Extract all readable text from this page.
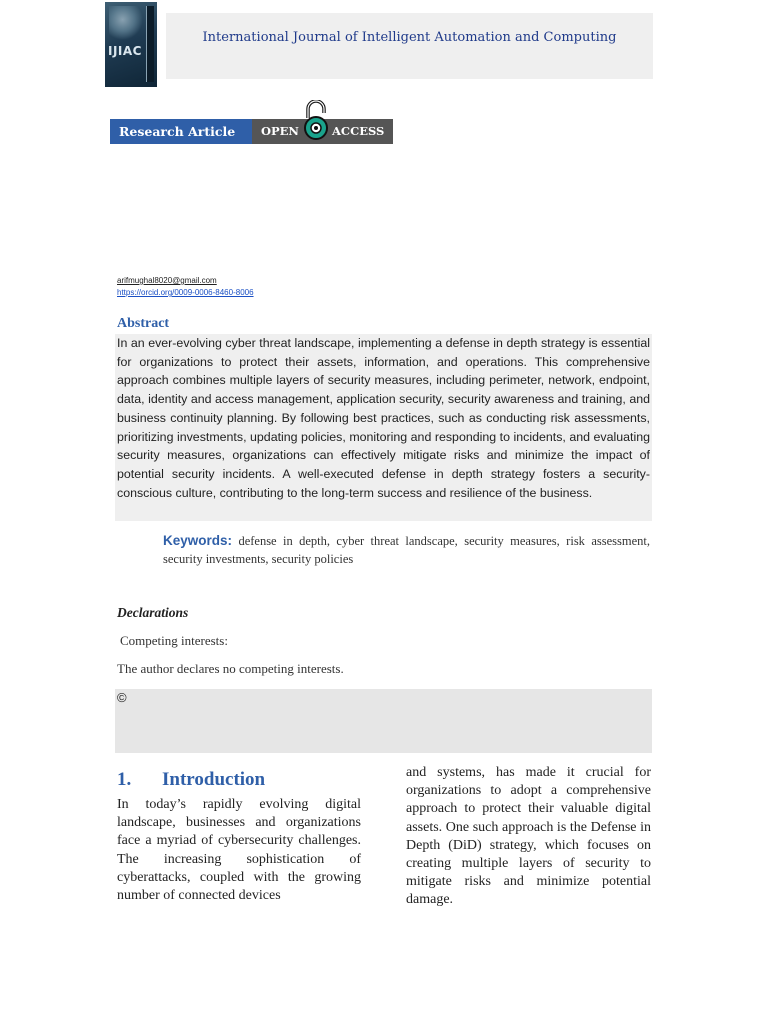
IJIAC
International Journal of Intelligent Automation and Computing
Research Article	OPEN	ACCESS
arifmughal8020@gmail.com
https://orcid.org/0009-0006-8460-8006
Abstract
In an ever-evolving cyber threat landscape, implementing a defense in depth strategy is essential for organizations to protect their assets, information, and operations. This comprehensive approach combines multiple layers of security measures, including perimeter, network, endpoint, data, identity and access management, application security, security awareness and training, and business continuity planning. By following best practices, such as conducting risk assessments, prioritizing investments, updating policies, monitoring and responding to incidents, and evaluating security measures, organizations can effectively mitigate risks and minimize the impact of potential security incidents. A well-executed defense in depth strategy fosters a security-conscious culture, contributing to the long-term success and resilience of the business.
Keywords: defense in depth, cyber threat landscape, security measures, risk assessment, security investments, security policies
Declarations
Competing interests:
The author declares no competing interests.
©
1. Introduction
In today’s rapidly evolving digital landscape, businesses and organizations face a myriad of cybersecurity challenges. The increasing sophistication of cyberattacks, coupled with the growing number of connected devices
and systems, has made it crucial for organizations to adopt a comprehensive approach to protect their valuable digital assets. One such approach is the Defense in Depth (DiD) strategy, which focuses on creating multiple layers of security to mitigate risks and minimize potential damage.
